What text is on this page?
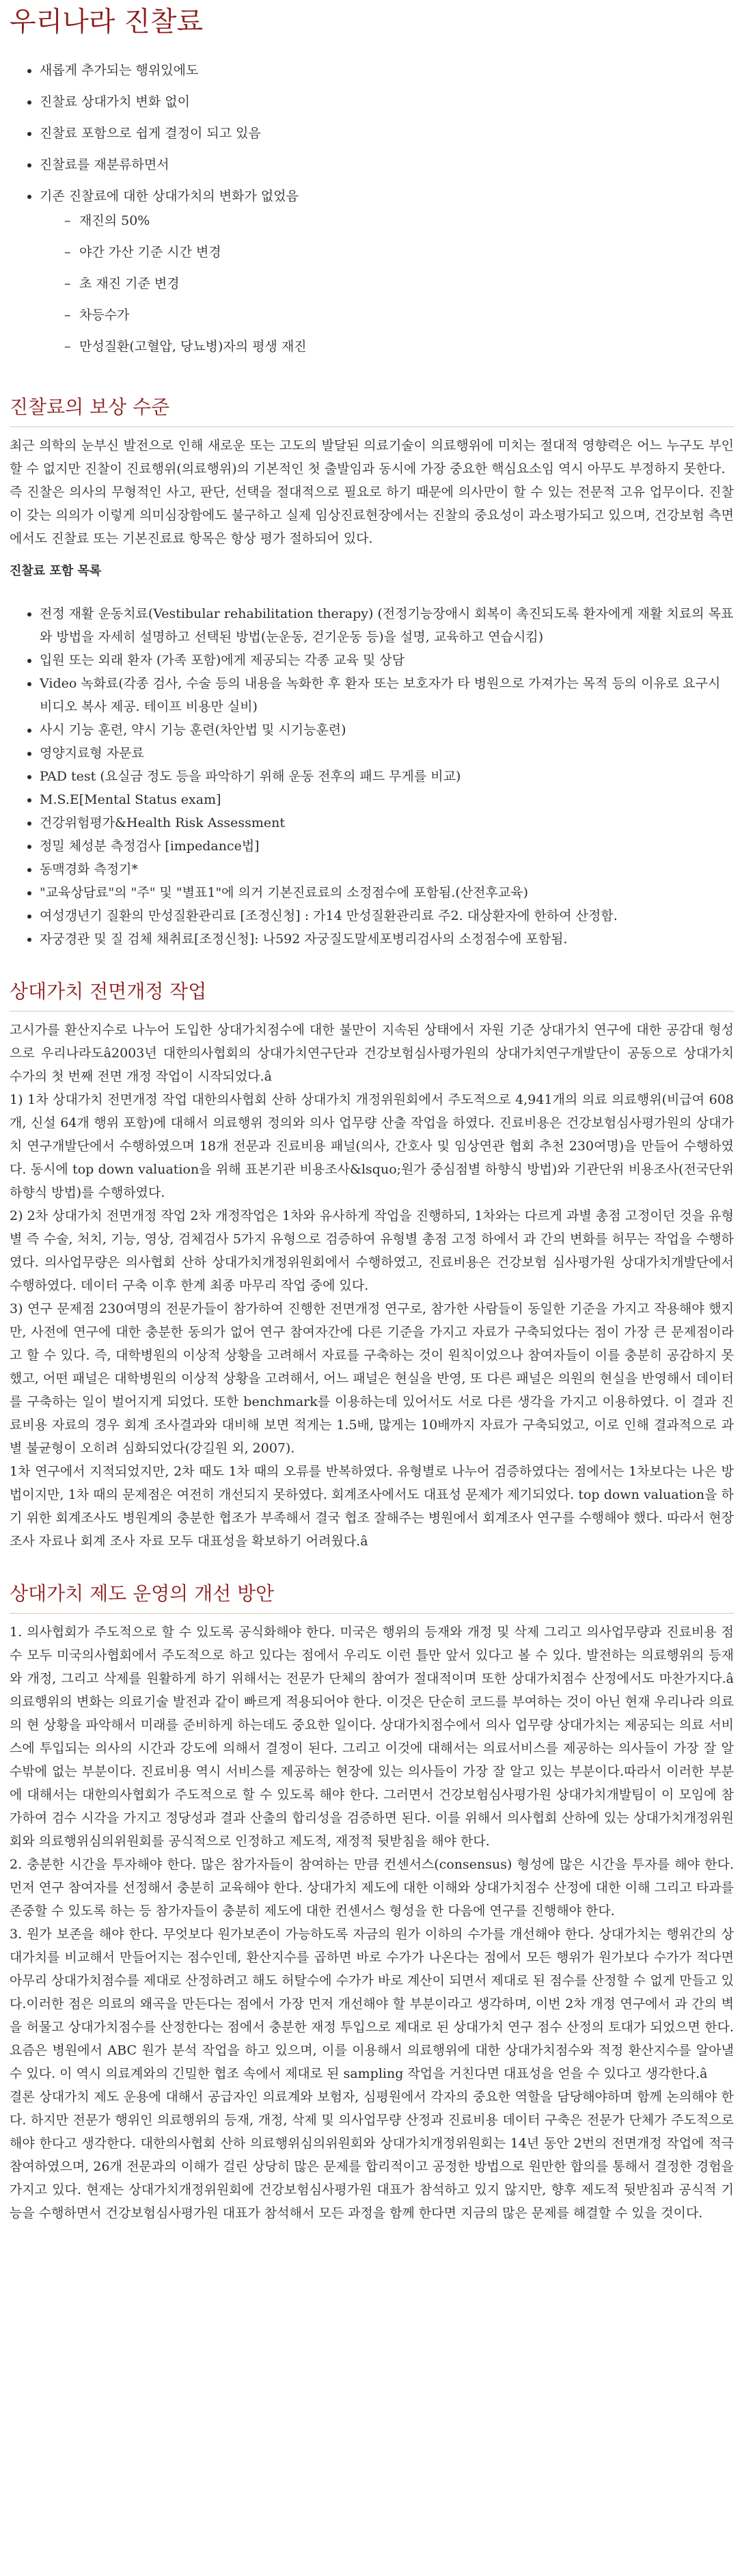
우리나라 진찰료
• 새롭게 추가되는 행위있에도
• 진찰료 상대가치 변화 없이
• 진찰료 포함으로 쉽게 결정이 되고 있음
• 진찰료를 재분류하면서
• 기존 진찰료에 대한 상대가치의 변화가 없었음
– 재진의 50%
– 야간 가산 기준 시간 변경
– 초 재진 기준 변경
– 차등수가
– 만성질환(고혈압, 당뇨병)자의 평생 재진
진찰료의 보상 수준

최근 의학의 눈부신 발전으로 인해 새로운 또는 고도의 발달된 의료기술이 의료행위에 미치는 절대적 영향력은 어느 누구도 부인할 수 없지만 진찰이 진료행위(의료행위)의 기본적인 첫 출발임과 동시에 가장 중요한 핵심요소임 역시 아무도 부정하지 못한다.

즉 진찰은 의사의 무형적인 사고, 판단, 선택을 절대적으로 필요로 하기 때문에 의사만이 할 수 있는 전문적 고유 업무이다. 진찰이 갖는 의의가 이렇게 의미심장함에도 불구하고 실제 임상진료현장에서는 진찰의 중요성이 과소평가되고 있으며, 건강보험 측면에서도 진찰료 또는 기본진료료 항목은 항상 평가 절하되어 있다.

진찰료 포함 목록
• 전정 재활 운동치료(Vestibular rehabilitation therapy) (전정기능장애시 회복이 촉진되도록 환자에게 재활 치료의 목표와 방법을 자세히 설명하고 선택된 방법(눈운동, 걷기운동 등)을 설명, 교육하고 연습시킴)
• 입원 또는 외래 환자 (가족 포함)에게 제공되는 각종 교육 및 상담
• Video 녹화료(각종 검사, 수술 등의 내용을 녹화한 후 환자 또는 보호자가 타 병원으로 가져가는 목적 등의 이유로 요구시 비디오 복사 제공. 테이프 비용만 실비)
• 사시 기능 훈련, 약시 기능 훈련(차안법 및 시기능훈련)
• 영양지료형 자문료
• PAD test (요실금 정도 등을 파악하기 위해 운동 전후의 패드 무게를 비교)
• M.S.E[Mental Status exam]
• 건강위험평가&Health Risk Assessment
• 정밀 체성분 측정검사 [impedance법]
• 동맥경화 측정기*
• "교육상담료"의 "주" 및 "별표1"에 의거 기본진료료의 소정점수에 포함됨.(산전후교육)
• 여성갱년기 질환의 만성질환관리료 [조정신청] : 가14 만성질환관리료 주2. 대상환자에 한하여 산정함.
• 자궁경관 및 질 검체 채취료[조정신청]: 나592 자궁질도말세포병리검사의 소정점수에 포함됨.
상대가치 전면개정 작업

고시가를 환산지수로 나누어 도입한 상대가치점수에 대한 불만이 지속된 상태에서 자원 기준 상대가치 연구에 대한 공감대 형성으로 우리나라도â2003년 대한의사협회의 상대가치연구단과 건강보험심사평가원의 상대가치연구개발단이 공동으로 상대가치 수가의 첫 번째 전면 개정 작업이 시작되었다.â

1) 1차 상대가치 전면개정 작업 대한의사협회 산하 상대가치 개정위원회에서 주도적으로 4,941개의 의료 의료행위(비급여 608개, 신설 64개 행위 포함)에 대해서 의료행위 정의와 의사 업무량 산출 작업을 하였다. 진료비용은 건강보험심사평가원의 상대가치 연구개발단에서 수행하였으며 18개 전문과 진료비용 패널(의사, 간호사 및 임상연관 협회 추천 230여명)을 만들어 수행하였다. 동시에 top down valuation을 위해 표본기관 비용조사&lsquo;원가 중심점별 하향식 방법)와 기관단위 비용조사(전국단위 하향식 방법)를 수행하였다.

2) 2차 상대가치 전면개정 작업 2차 개정작업은 1차와 유사하게 작업을 진행하되, 1차와는 다르게 과별 총점 고정이던 것을 유형별 즉 수술, 처치, 기능, 영상, 검체검사 5가지 유형으로 검증하여 유형별 총점 고정 하에서 과 간의 변화를 허무는 작업을 수행하였다. 의사업무량은 의사협회 산하 상대가치개정위원회에서 수행하였고, 진료비용은 건강보험 심사평가원 상대가치개발단에서 수행하였다. 데이터 구축 이후 한계 최종 마무리 작업 중에 있다.

3) 연구 문제점 230여명의 전문가들이 참가하여 진행한 전면개정 연구로, 참가한 사람들이 동일한 기준을 가지고 작용해야 했지만, 사전에 연구에 대한 충분한 동의가 없어 연구 참여자간에 다른 기준을 가지고 자료가 구축되었다는 점이 가장 큰 문제점이라고 할 수 있다. 즉, 대학병원의 이상적 상황을 고려해서 자료를 구축하는 것이 원칙이었으나 참여자들이 이를 충분히 공감하지 못했고, 어떤 패널은 대학병원의 이상적 상황을 고려해서, 어느 패널은 현실을 반영, 또 다른 패널은 의원의 현실을 반영해서 데이터를 구축하는 일이 벌어지게 되었다. 또한 benchmark를 이용하는데 있어서도 서로 다른 생각을 가지고 이용하였다. 이 결과 진료비용 자료의 경우 회계 조사결과와 대비해 보면 적게는 1.5배, 많게는 10배까지 자료가 구축되었고, 이로 인해 결과적으로 과별 불균형이 오히려 심화되었다(강길원 외, 2007).

1차 연구에서 지적되었지만, 2차 때도 1차 때의 오류를 반복하였다. 유형별로 나누어 검증하였다는 점에서는 1차보다는 나은 방법이지만, 1차 때의 문제점은 여전히 개선되지 못하였다. 회계조사에서도 대표성 문제가 제기되었다. top down valuation을 하기 위한 회계조사도 병원계의 충분한 협조가 부족해서 결국 협조 잘해주는 병원에서 회계조사 연구를 수행해야 했다. 따라서 현장 조사 자료나 회계 조사 자료 모두 대표성을 확보하기 어려웠다.â

상대가치 제도 운영의 개선 방안

1. 의사협회가 주도적으로 할 수 있도록 공식화해야 한다. 미국은 행위의 등재와 개정 및 삭제 그리고 의사업무량과 진료비용 점수 모두 미국의사협회에서 주도적으로 하고 있다는 점에서 우리도 이런 틀만 앞서 있다고 볼 수 있다. 발전하는 의료행위의 등재와 개정, 그리고 삭제를 원활하게 하기 위해서는 전문가 단체의 참여가 절대적이며 또한 상대가치점수 산정에서도 마찬가지다.â의료행위의 변화는 의료기술 발전과 같이 빠르게 적용되어야 한다. 이것은 단순히 코드를 부여하는 것이 아닌 현재 우리나라 의료의 현 상황을 파악해서 미래를 준비하게 하는데도 중요한 일이다. 상대가치점수에서 의사 업무량 상대가치는 제공되는 의료 서비스에 투입되는 의사의 시간과 강도에 의해서 결정이 된다. 그리고 이것에 대해서는 의료서비스를 제공하는 의사들이 가장 잘 알 수밖에 없는 부분이다. 진료비용 역시 서비스를 제공하는 현장에 있는 의사들이 가장 잘 알고 있는 부분이다.따라서 이러한 부분에 대해서는 대한의사협회가 주도적으로 할 수 있도록 해야 한다. 그러면서 건강보험심사평가원 상대가치개발팀이 이 모임에 참가하여 검수 시각을 가지고 정당성과 결과 산출의 합리성을 검증하면 된다. 이를 위해서 의사협회 산하에 있는 상대가치개정위원회와 의료행위심의위원회를 공식적으로 인정하고 제도적, 재정적 뒷받침을 해야 한다.

2. 충분한 시간을 투자해야 한다. 많은 참가자들이 참여하는 만큼 컨센서스(consensus) 형성에 많은 시간을 투자를 해야 한다. 먼저 연구 참여자를 선정해서 충분히 교육해야 한다. 상대가치 제도에 대한 이해와 상대가치점수 산정에 대한 이해 그리고 타과를 존중할 수 있도록 하는 등 참가자들이 충분히 제도에 대한 컨센서스 형성을 한 다음에 연구를 진행해야 한다.

3. 원가 보존을 해야 한다. 무엇보다 원가보존이 가능하도록 자금의 원가 이하의 수가를 개선해야 한다. 상대가치는 행위간의 상대가치를 비교해서 만들어지는 점수인데, 환산지수를 곱하면 바로 수가가 나온다는 점에서 모든 행위가 원가보다 수가가 적다면 아무리 상대가치점수를 제대로 산정하려고 해도 허탈수에 수가가 바로 계산이 되면서 제대로 된 점수를 산정할 수 없게 만들고 있다.이러한 점은 의료의 왜곡을 만든다는 점에서 가장 먼저 개선해야 할 부분이라고 생각하며, 이번 2차 개정 연구에서 과 간의 벽을 허물고 상대가치점수를 산정한다는 점에서 충분한 재정 투입으로 제대로 된 상대가치 연구 점수 산정의 토대가 되었으면 한다. 요즘은 병원에서 ABC 원가 분석 작업을 하고 있으며, 이를 이용해서 의료행위에 대한 상대가치점수와 적정 환산지수를 알아낼 수 있다. 이 역시 의료계와의 긴밀한 협조 속에서 제대로 된 sampling 작업을 거친다면 대표성을 얻을 수 있다고 생각한다.â

결론 상대가치 제도 운용에 대해서 공급자인 의료계와 보험자, 심평원에서 각자의 중요한 역할을 담당해야하며 함께 논의해야 한다. 하지만 전문가 행위인 의료행위의 등재, 개정, 삭제 및 의사업무량 산정과 진료비용 데이터 구축은 전문가 단체가 주도적으로 해야 한다고 생각한다. 대한의사협회 산하 의료행위심의위원회와 상대가치개정위원회는 14년 동안 2번의 전면개정 작업에 적극 참여하였으며, 26개 전문과의 이해가 걸린 상당히 많은 문제를 합리적이고 공정한 방법으로 원만한 합의를 통해서 결정한 경험을 가지고 있다. 현재는 상대가치개정위원회에 건강보험심사평가원 대표가 참석하고 있지 않지만, 향후 제도적 뒷받침과 공식적 기능을 수행하면서 건강보험심사평가원 대표가 참석해서 모든 과정을 함께 한다면 지금의 많은 문제를 해결할 수 있을 것이다.
